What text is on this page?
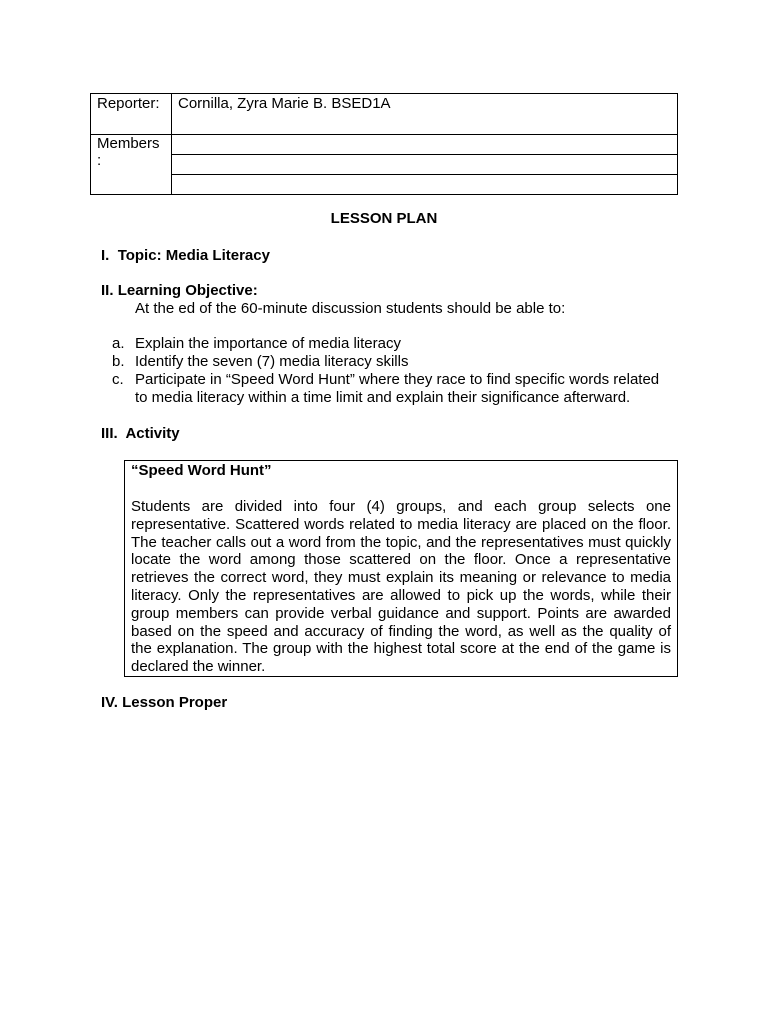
Reporter:	Cornilla, Zyra Marie B. BSED1A
Members
:	

LESSON PLAN
I. Topic: Media Literacy
II. Learning Objective:
At the ed of the 60-minute discussion students should be able to:
a. Explain the importance of media literacy
b. Identify the seven (7) media literacy skills
c. Participate in “Speed Word Hunt” where they race to find specific words related to media literacy within a time limit and explain their significance afterward.
III. Activity
“Speed Word Hunt”
Students are divided into four (4) groups, and each group selects one representative. Scattered words related to media literacy are placed on the floor. The teacher calls out a word from the topic, and the representatives must quickly locate the word among those scattered on the floor. Once a representative retrieves the correct word, they must explain its meaning or relevance to media literacy. Only the representatives are allowed to pick up the words, while their group members can provide verbal guidance and support. Points are awarded based on the speed and accuracy of finding the word, as well as the quality of the explanation. The group with the highest total score at the end of the game is declared the winner.
IV. Lesson Proper
